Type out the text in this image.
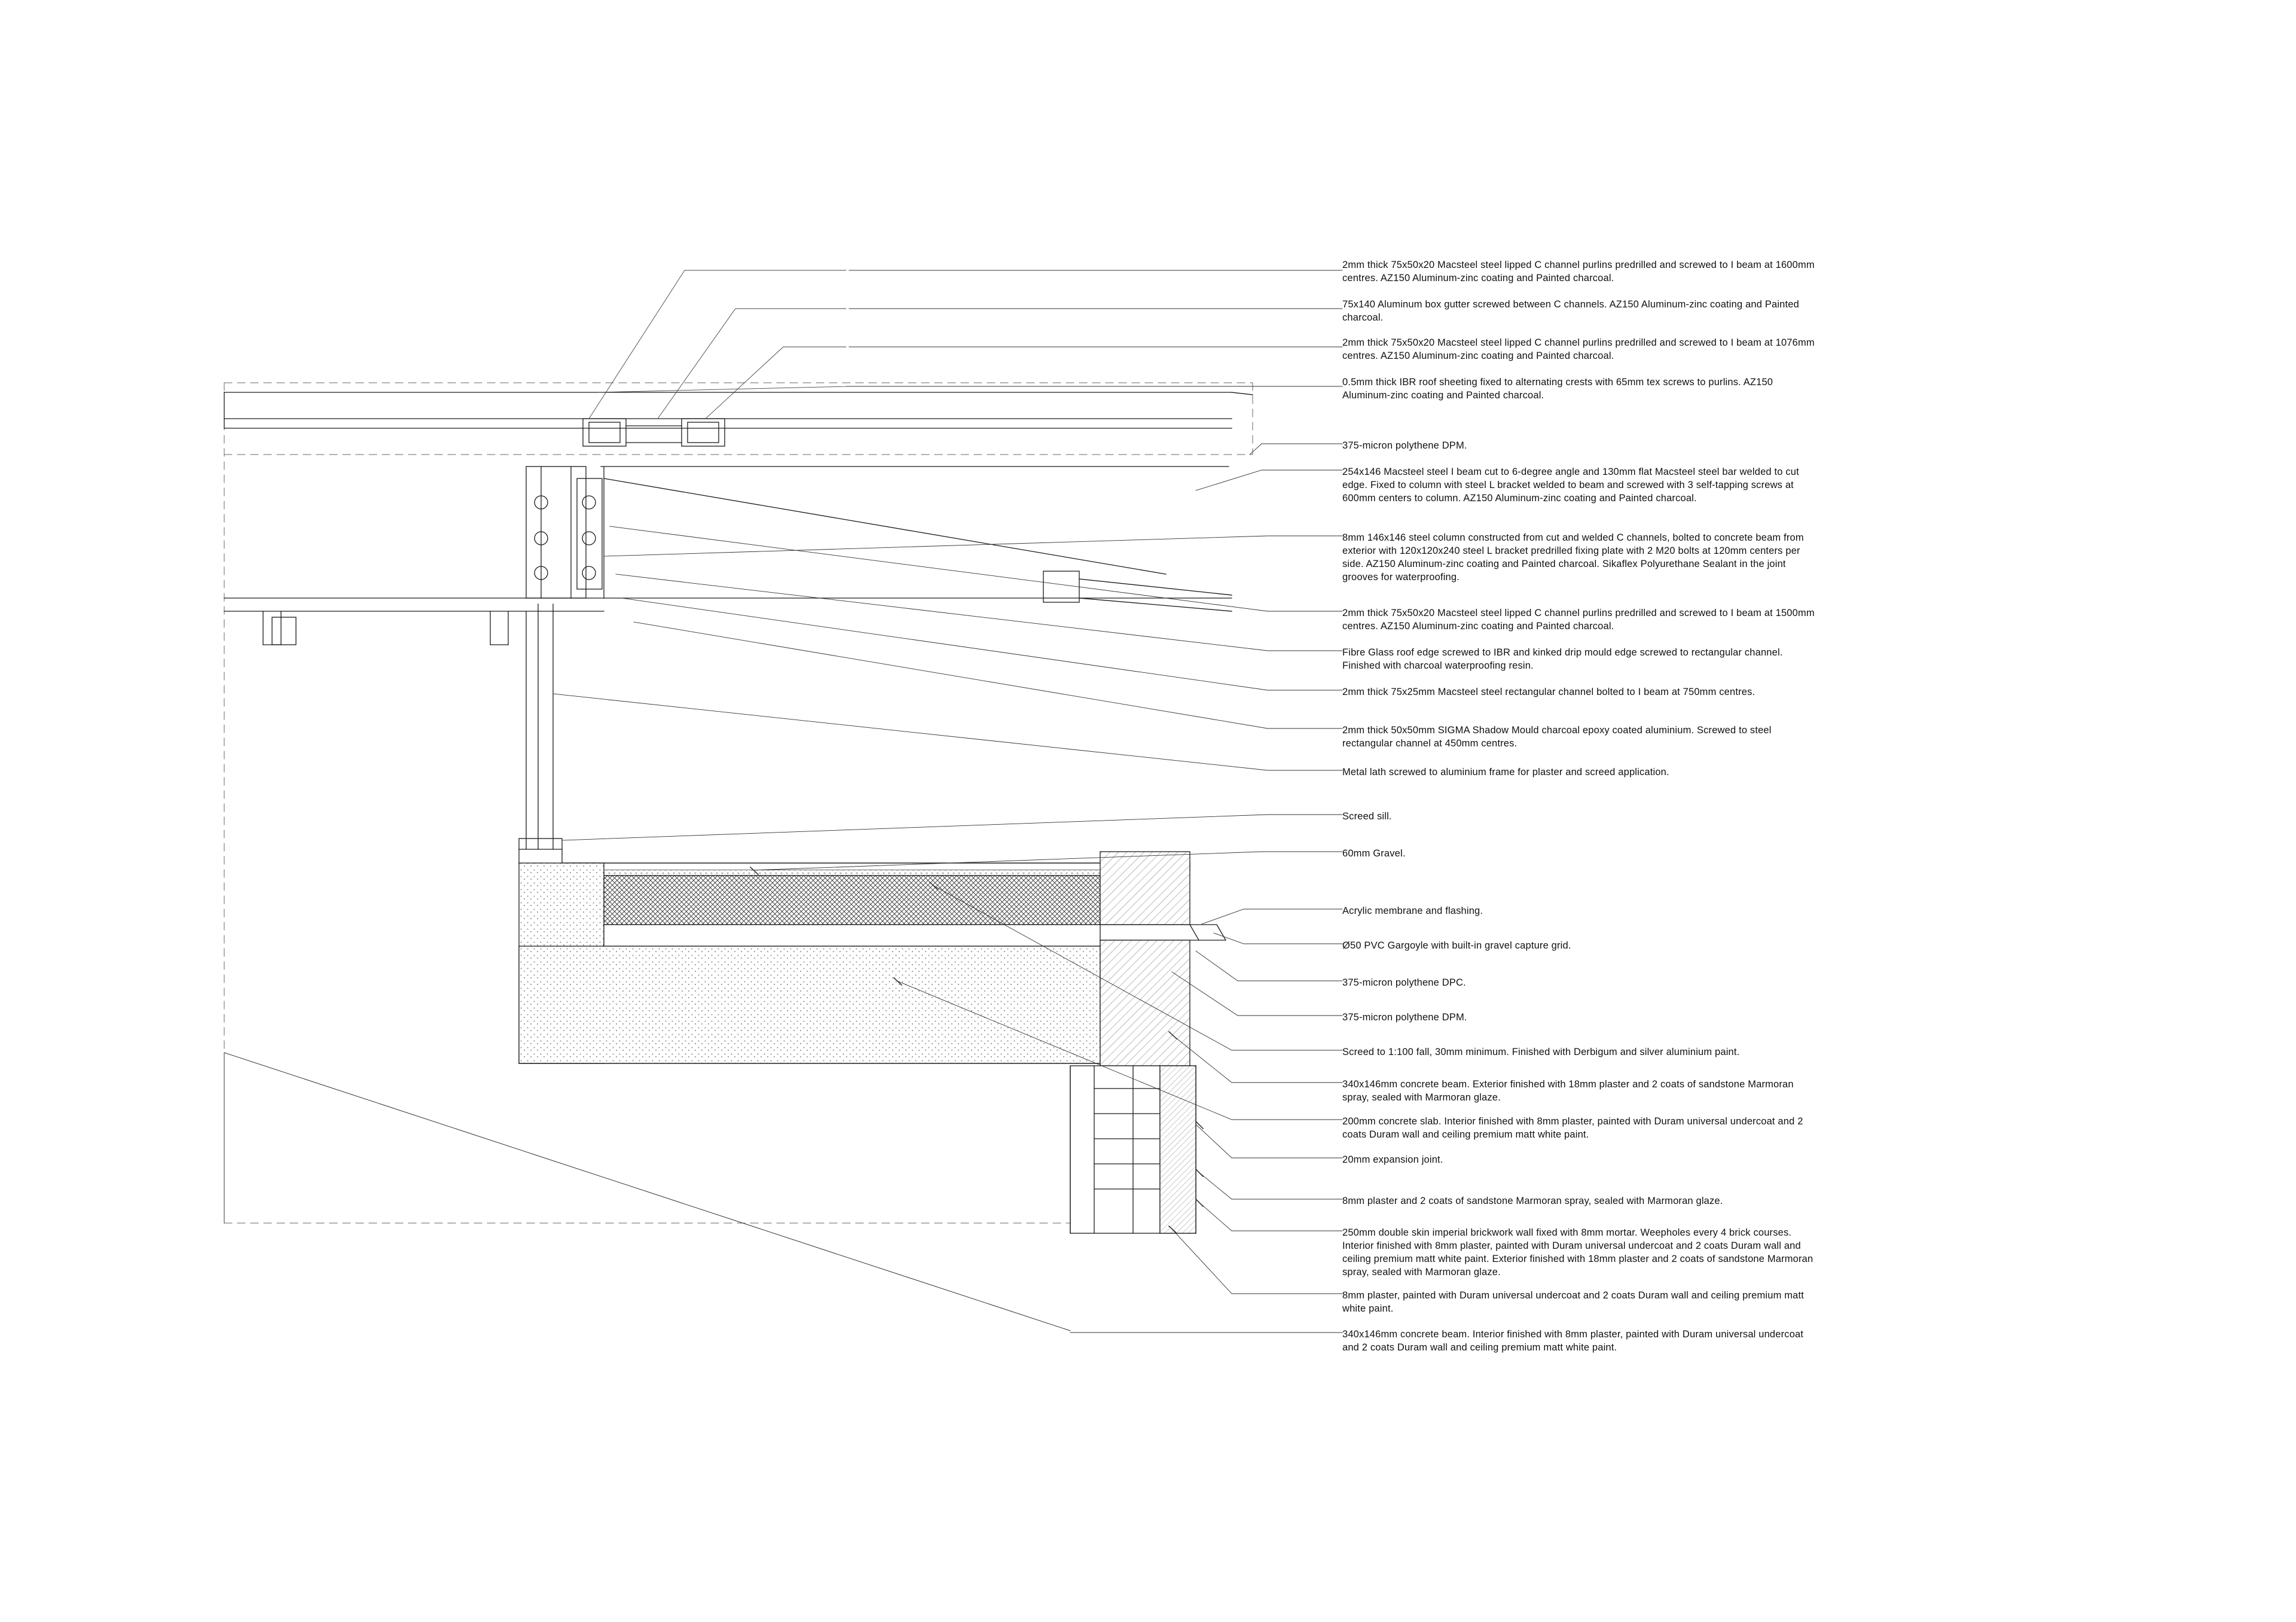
2mm thick 75x50x20 Macsteel steel lipped C channel purlins predrilled and screwed to I beam at 1600mm centres. AZ150 Aluminum-zinc coating and Painted charcoal.
75x140 Aluminum box gutter screwed between C channels. AZ150 Aluminum-zinc coating and Painted charcoal.
2mm thick 75x50x20 Macsteel steel lipped C channel purlins predrilled and screwed to I beam at 1076mm centres. AZ150 Aluminum-zinc coating and Painted charcoal.
0.5mm thick IBR roof sheeting fixed to alternating crests with 65mm tex screws to purlins. AZ150 Aluminum-zinc coating and Painted charcoal.
375-micron polythene DPM.
254x146 Macsteel steel I beam cut to 6-degree angle and 130mm flat Macsteel steel bar welded to cut edge. Fixed to column with steel L bracket welded to beam and screwed with 3 self-tapping screws at 600mm centers to column. AZ150 Aluminum-zinc coating and Painted charcoal.
8mm 146x146 steel column constructed from cut and welded C channels, bolted to concrete beam from exterior with 120x120x240 steel L bracket predrilled fixing plate with 2 M20 bolts at 120mm centers per side. AZ150 Aluminum-zinc coating and Painted charcoal. Sikaflex Polyurethane Sealant in the joint grooves for waterproofing.
2mm thick 75x50x20 Macsteel steel lipped C channel purlins predrilled and screwed to I beam at 1500mm centres. AZ150 Aluminum-zinc coating and Painted charcoal.
Fibre Glass roof edge screwed to IBR and kinked drip mould edge screwed to rectangular channel. Finished with charcoal waterproofing resin.
2mm thick 75x25mm Macsteel steel rectangular channel bolted to I beam at 750mm centres.
2mm thick 50x50mm SIGMA Shadow Mould charcoal epoxy coated aluminium. Screwed to steel rectangular channel at 450mm centres.
Metal lath screwed to aluminium frame for plaster and screed application.
Screed sill.
60mm Gravel.
Acrylic membrane and flashing.
Ø50 PVC Gargoyle with built-in gravel capture grid.
375-micron polythene DPC.
375-micron polythene DPM.
Screed to 1:100 fall, 30mm minimum. Finished with Derbigum and silver aluminium paint.
340x146mm concrete beam. Exterior finished with 18mm plaster and 2 coats of sandstone Marmoran spray, sealed with Marmoran glaze.
200mm concrete slab. Interior finished with 8mm plaster, painted with Duram universal undercoat and 2 coats Duram wall and ceiling premium matt white paint.
20mm expansion joint.
8mm plaster and 2 coats of sandstone Marmoran spray, sealed with Marmoran glaze.
250mm double skin imperial brickwork wall fixed with 8mm mortar. Weepholes every 4 brick courses. Interior finished with 8mm plaster, painted with Duram universal undercoat and 2 coats Duram wall and ceiling premium matt white paint. Exterior finished with 18mm plaster and 2 coats of sandstone Marmoran spray, sealed with Marmoran glaze.
8mm plaster, painted with Duram universal undercoat and 2 coats Duram wall and ceiling premium matt white paint.
340x146mm concrete beam. Interior finished with 8mm plaster, painted with Duram universal undercoat and 2 coats Duram wall and ceiling premium matt white paint.
